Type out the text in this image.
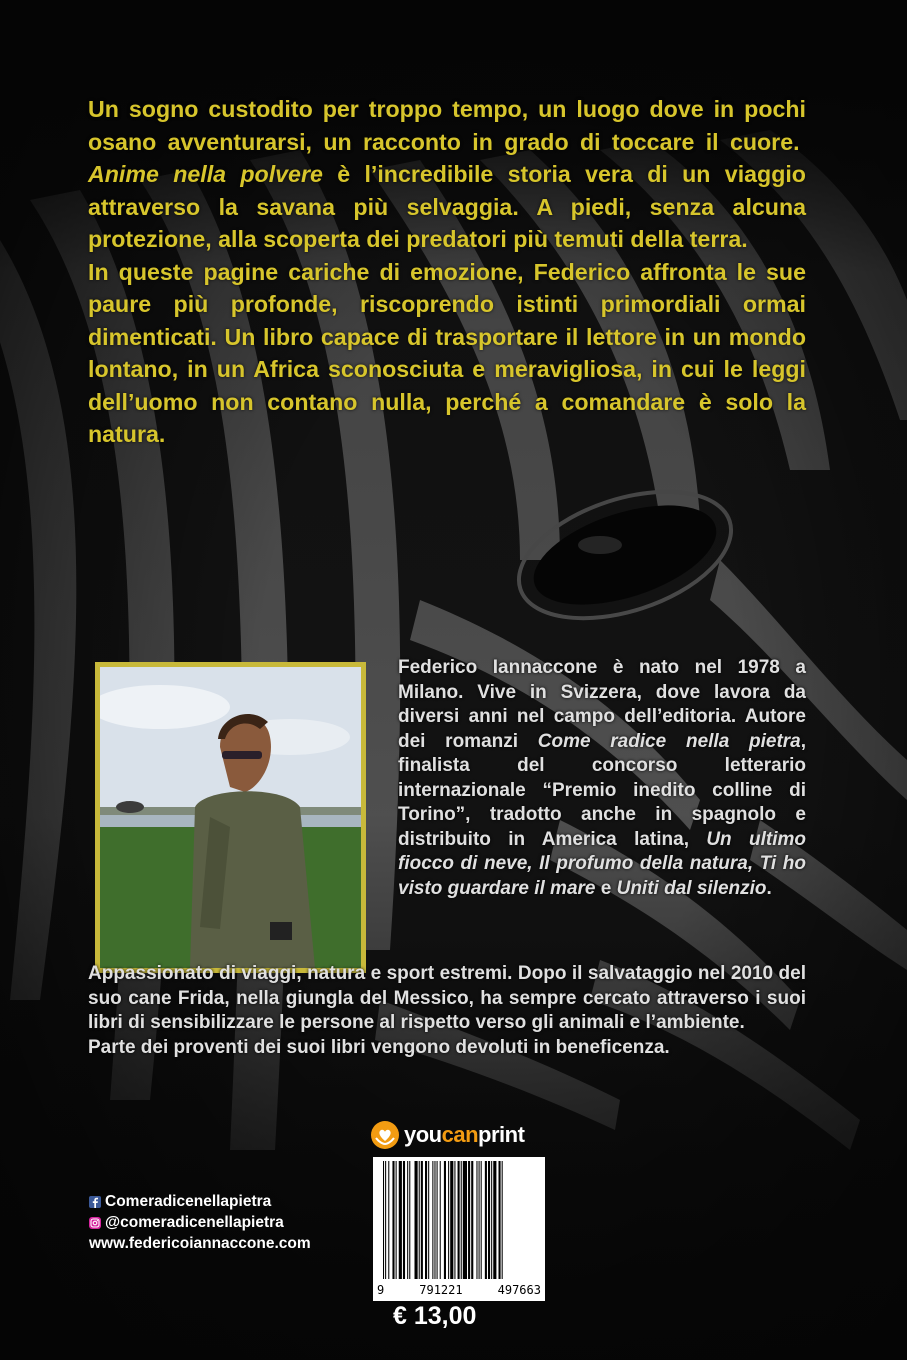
Un sogno custodito per troppo tempo, un luogo dove in pochi osano avventurarsi, un racconto in grado di toccare il cuore.  Anime nella polvere è l’incredibile storia vera di un viaggio attraverso la savana più selvaggia. A piedi, senza alcuna protezione, alla scoperta dei predatori più temuti della terra.

In queste pagine cariche di emozione, Federico affronta le sue paure più profonde, riscoprendo istinti primordiali ormai dimenticati. Un libro capace di trasportare il lettore in un mondo lontano, in un Africa sconosciuta e meravigliosa, in cui le leggi dell’uomo non contano nulla, perché a comandare è solo la natura.

Federico Iannaccone è nato nel 1978 a Milano. Vive in Svizzera, dove lavora da diversi anni nel campo dell’editoria. Autore dei romanzi Come radice nella pietra, finalista del concorso letterario internazionale “Premio inedito colline di Torino”, tradotto anche in spagnolo e distribuito in America latina, Un ultimo fiocco di neve, Il profumo della natura, Ti ho visto guardare il mare e Uniti dal silenzio.

Appassionato di viaggi, natura e sport estremi. Dopo il salvataggio nel 2010 del suo cane Frida, nella giungla del Messico, ha sempre cercato attraverso i suoi libri di sensibilizzare le persone al rispetto verso gli animali e l’ambiente.

Parte dei proventi dei suoi libri vengono devoluti in beneficenza.

youcanprint
9	791221	497663
€ 13,00
Comeradicenellapietra
@comeradicenellapietra
www.federicoiannaccone.com
